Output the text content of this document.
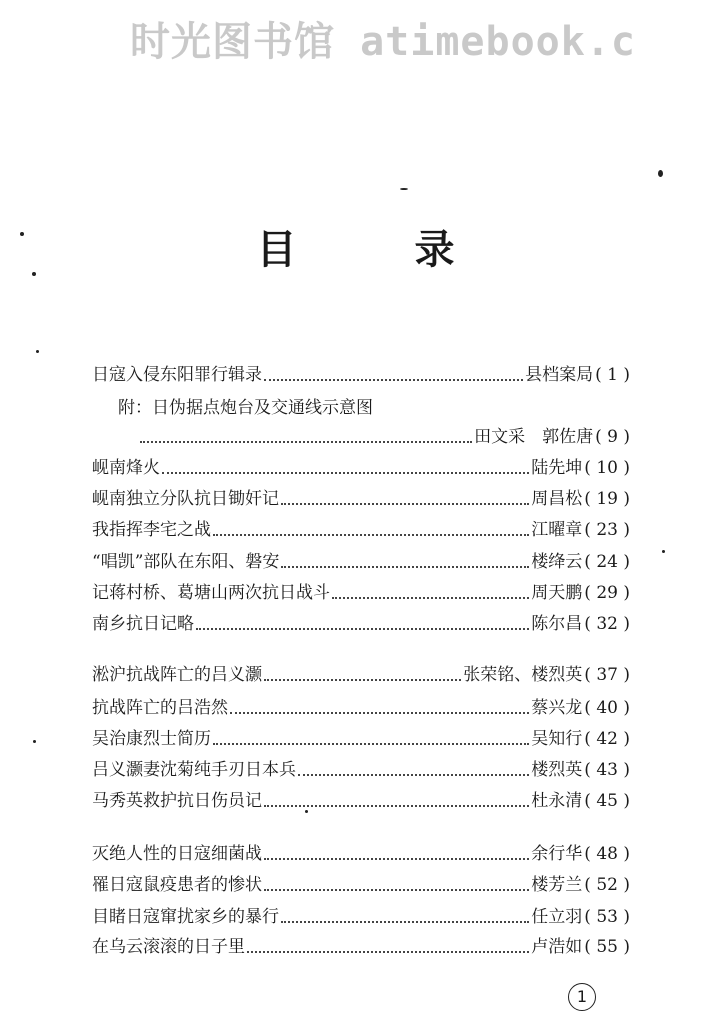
时光图书馆 atimebook.c
目录
日寇入侵东阳罪行辑录	县档案局 ( 1 )
附：日伪据点炮台及交通线示意图
田文采　郭佐唐 ( 9 )
岘南烽火	陆先坤 ( 10 )
岘南独立分队抗日锄奸记	周昌松 ( 19 )
我指挥李宅之战	江曜章 ( 23 )
“唱凯”部队在东阳、磐安	楼绛云 ( 24 )
记蒋村桥、葛塘山两次抗日战斗	周天鹏 ( 29 )
南乡抗日记略	陈尔昌 ( 32 )
淞沪抗战阵亡的吕义灏	张荣铭、楼烈英 ( 37 )
抗战阵亡的吕浩然	蔡兴龙 ( 40 )
吴治康烈士简历	吴知行 ( 42 )
吕义灏妻沈菊纯手刃日本兵	楼烈英 ( 43 )
马秀英救护抗日伤员记	杜永清 ( 45 )
灭绝人性的日寇细菌战	余行华 ( 48 )
罹日寇鼠疫患者的惨状	楼芳兰 ( 52 )
目睹日寇窜扰家乡的暴行	任立羽 ( 53 )
在乌云滚滚的日子里	卢浩如 ( 55 )
1
